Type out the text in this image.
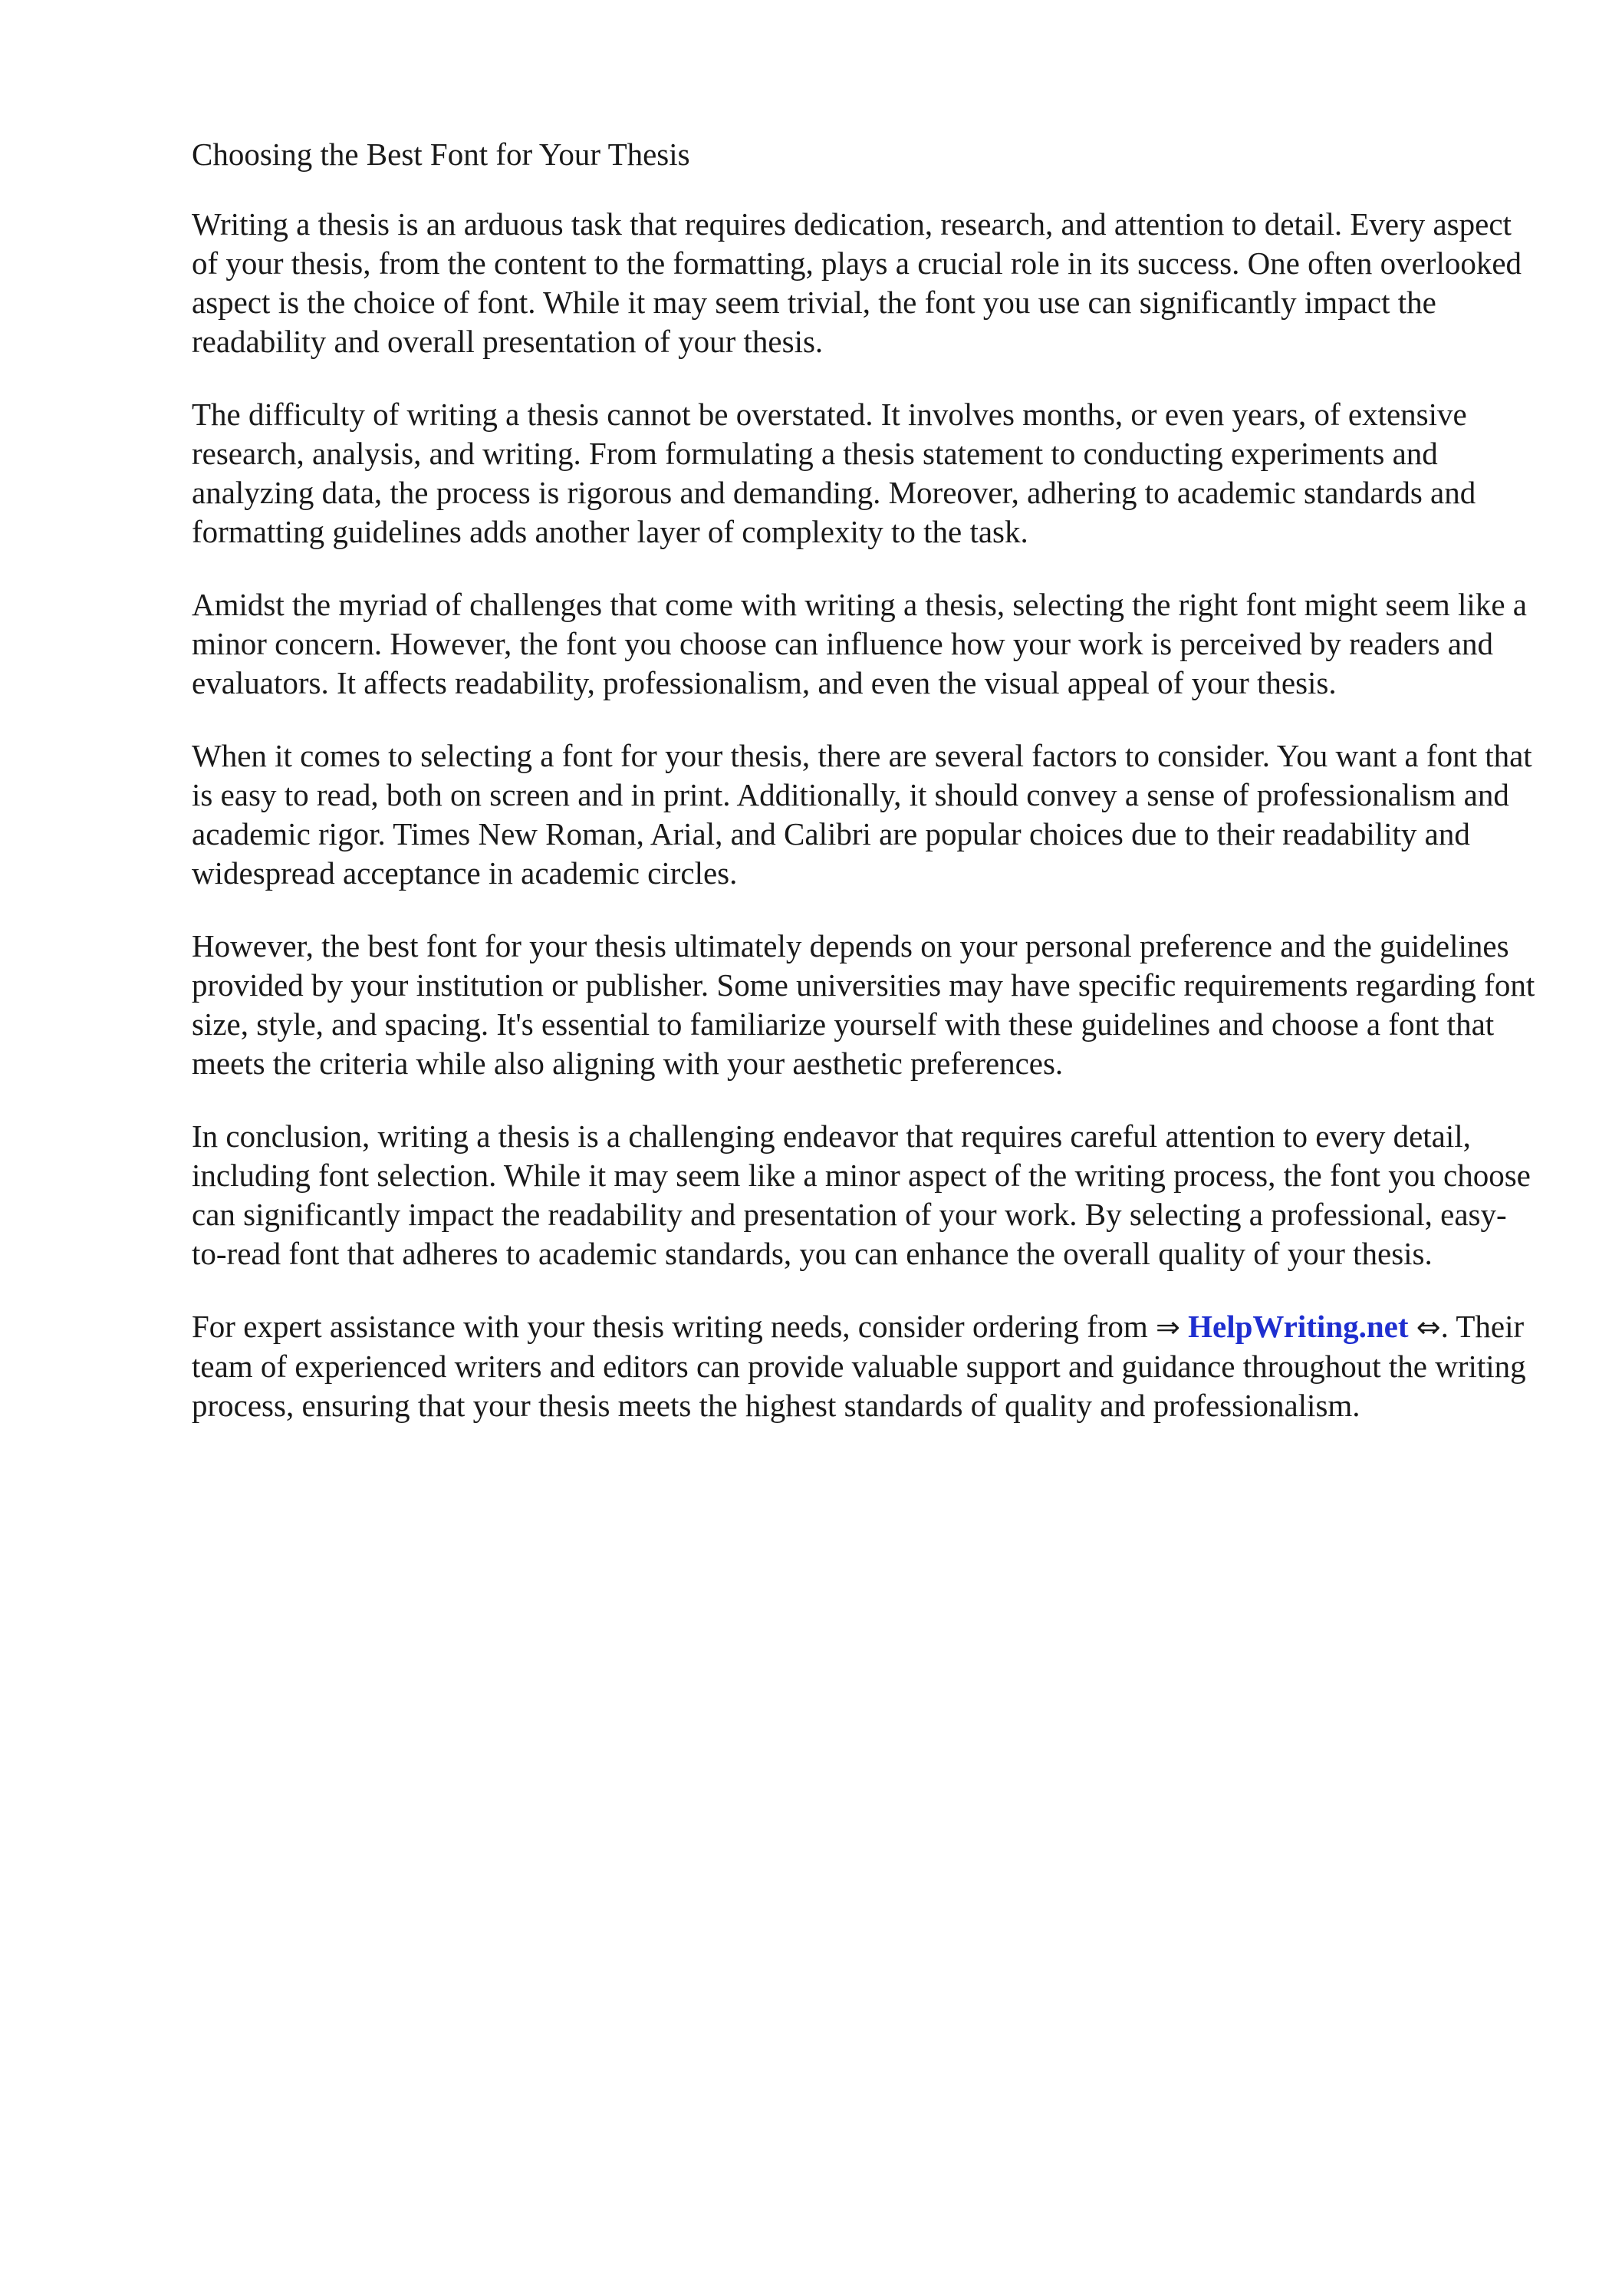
Choosing the Best Font for Your Thesis

Writing a thesis is an arduous task that requires dedication, research, and attention to detail. Every aspect of your thesis, from the content to the formatting, plays a crucial role in its success. One often overlooked aspect is the choice of font. While it may seem trivial, the font you use can significantly impact the readability and overall presentation of your thesis.

The difficulty of writing a thesis cannot be overstated. It involves months, or even years, of extensive research, analysis, and writing. From formulating a thesis statement to conducting experiments and analyzing data, the process is rigorous and demanding. Moreover, adhering to academic standards and formatting guidelines adds another layer of complexity to the task.

Amidst the myriad of challenges that come with writing a thesis, selecting the right font might seem like a minor concern. However, the font you choose can influence how your work is perceived by readers and evaluators. It affects readability, professionalism, and even the visual appeal of your thesis.

When it comes to selecting a font for your thesis, there are several factors to consider. You want a font that is easy to read, both on screen and in print. Additionally, it should convey a sense of professionalism and academic rigor. Times New Roman, Arial, and Calibri are popular choices due to their readability and widespread acceptance in academic circles.

However, the best font for your thesis ultimately depends on your personal preference and the guidelines provided by your institution or publisher. Some universities may have specific requirements regarding font size, style, and spacing. It's essential to familiarize yourself with these guidelines and choose a font that meets the criteria while also aligning with your aesthetic preferences.

In conclusion, writing a thesis is a challenging endeavor that requires careful attention to every detail, including font selection. While it may seem like a minor aspect of the writing process, the font you choose can significantly impact the readability and presentation of your work. By selecting a professional, easy-to-read font that adheres to academic standards, you can enhance the overall quality of your thesis.

For expert assistance with your thesis writing needs, consider ordering from ⇒ HelpWriting.net ⇔. Their team of experienced writers and editors can provide valuable support and guidance throughout the writing process, ensuring that your thesis meets the highest standards of quality and professionalism.
